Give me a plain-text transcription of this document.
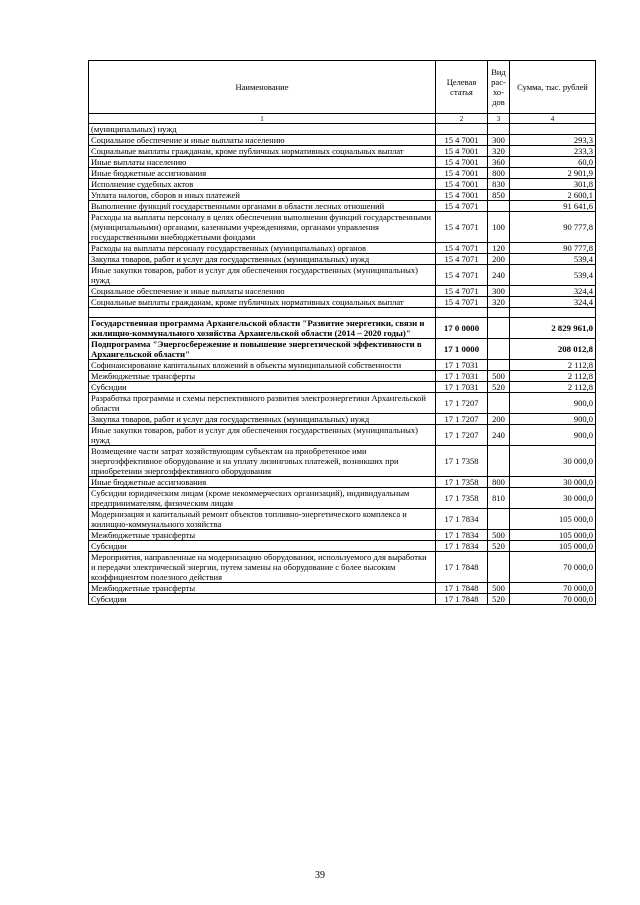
Наименование	Целевая статья	Вид рас- хо- дов	Сумма, тыс. рублей
1	2	3	4
(муниципальных) нужд			
Социальное обеспечение и иные выплаты населению	15 4 7001	300	293,3
Социальные выплаты гражданам, кроме публичных нормативных социальных выплат	15 4 7001	320	233,3
Иные выплаты населению	15 4 7001	360	60,0
Иные бюджетные ассигнования	15 4 7001	800	2 901,9
Исполнение судебных актов	15 4 7001	830	301,8
Уплата налогов, сборов и иных платежей	15 4 7001	850	2 600,1
Выполнение функций государственными органами в области лесных отношений	15 4 7071		91 641,6
Расходы на выплаты персоналу в целях обеспечения выполнения функций государственными (муниципальными) органами, казенными учреждениями, органами управления государственными внебюджетными фондами	15 4 7071	100	90 777,8
Расходы на выплаты персоналу государственных (муниципальных) органов	15 4 7071	120	90 777,8
Закупка товаров, работ и услуг для государственных (муниципальных) нужд	15 4 7071	200	539,4
Иные закупки товаров, работ и услуг для обеспечения государственных (муниципальных) нужд	15 4 7071	240	539,4
Социальное обеспечение и иные выплаты населению	15 4 7071	300	324,4
Социальные выплаты гражданам, кроме публичных нормативных социальных выплат	15 4 7071	320	324,4

Государственная программа Архангельской области "Развитие энергетики, связи и жилищно-коммунального хозяйства Архангельской области (2014 – 2020 годы)"	17 0 0000		2 829 961,0
Подпрограмма "Энергосбережение и повышение энергетической эффективности в Архангельской области"	17 1 0000		208 012,8
Софинансирование капитальных вложений в объекты муниципальной собственности	17 1 7031		2 112,8
Межбюджетные трансферты	17 1 7031	500	2 112,8
Субсидии	17 1 7031	520	2 112,8
Разработка программы и схемы перспективного развития электроэнергетики Архангельской области	17 1 7207		900,0
Закупка товаров, работ и услуг для государственных (муниципальных) нужд	17 1 7207	200	900,0
Иные закупки товаров, работ и услуг для обеспечения государственных (муниципальных) нужд	17 1 7207	240	900,0
Возмещение части затрат хозяйствующим субъектам на приобретенное ими энергоэффективное оборудование и на уплату лизинговых платежей, возникших при приобретении энергоэффективного оборудования	17 1 7358		30 000,0
Иные бюджетные ассигнования	17 1 7358	800	30 000,0
Субсидии юридическим лицам (кроме некоммерческих организаций), индивидуальным предпринимателям, физическим лицам	17 1 7358	810	30 000,0
Модернизация и капитальный ремонт объектов топливно-энергетического комплекса и жилищно-коммунального хозяйства	17 1 7834		105 000,0
Межбюджетные трансферты	17 1 7834	500	105 000,0
Субсидии	17 1 7834	520	105 000,0
Мероприятия, направленные на модернизацию оборудования, используемого для выработки и передачи электрической энергии, путем замены на оборудование с более высоким коэффициентом полезного действия	17 1 7848		70 000,0
Межбюджетные трансферты	17 1 7848	500	70 000,0
Субсидии	17 1 7848	520	70 000,0
39
